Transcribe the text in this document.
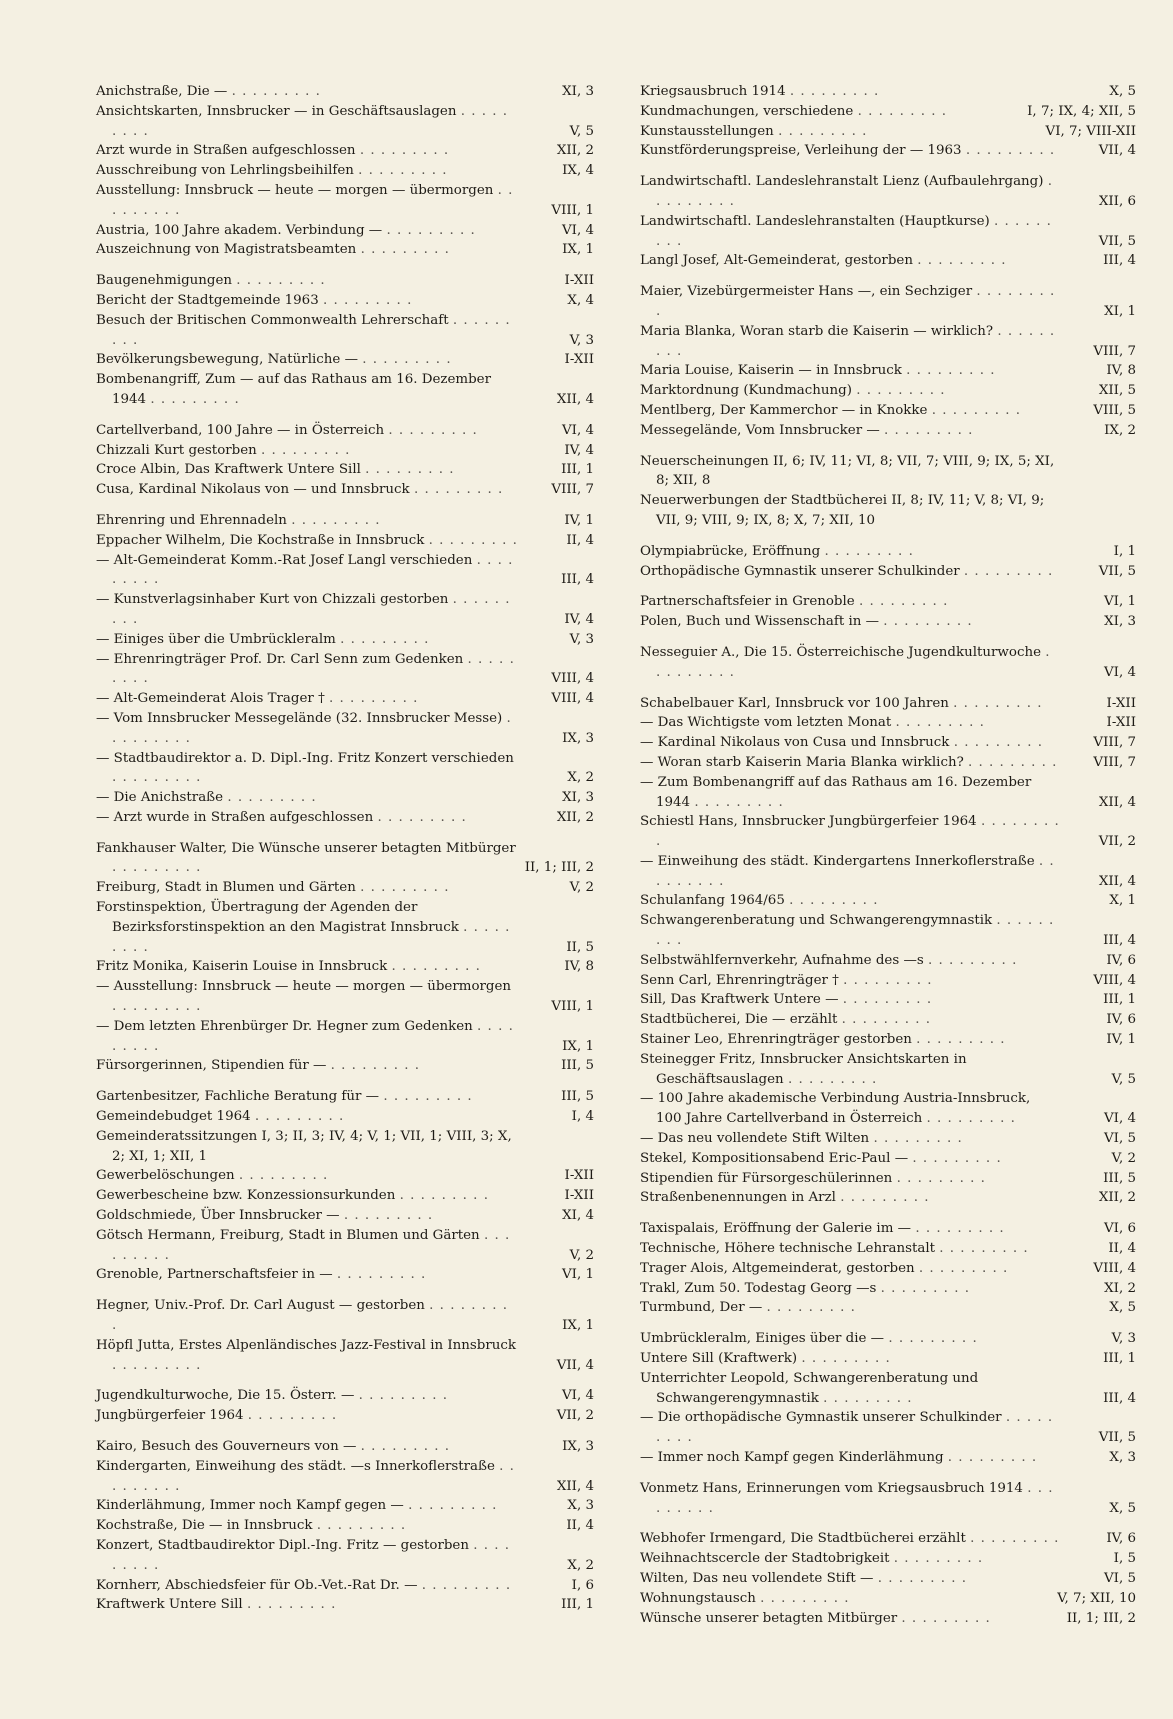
Anichstraße, Die — . . . . . . . . .	XI, 3
Ansichtskarten, Innsbrucker — in Geschäftsauslagen . . . . . . . . .	V, 5
Arzt wurde in Straßen aufgeschlossen . . . . . . . . .	XII, 2
Ausschreibung von Lehrlingsbeihilfen . . . . . . . . .	IX, 4
Ausstellung: Innsbruck — heute — morgen — übermorgen . . . . . . . . .	VIII, 1
Austria, 100 Jahre akadem. Verbindung — . . . . . . . . .	VI, 4
Auszeichnung von Magistratsbeamten . . . . . . . . .	IX, 1
Baugenehmigungen . . . . . . . . .	I-XII
Bericht der Stadtgemeinde 1963 . . . . . . . . .	X, 4
Besuch der Britischen Commonwealth Lehrerschaft . . . . . . . . .	V, 3
Bevölkerungsbewegung, Natürliche — . . . . . . . . .	I-XII
Bombenangriff, Zum — auf das Rathaus am 16. Dezember 1944 . . . . . . . . .	XII, 4
Cartellverband, 100 Jahre — in Österreich . . . . . . . . .	VI, 4
Chizzali Kurt gestorben . . . . . . . . .	IV, 4
Croce Albin, Das Kraftwerk Untere Sill . . . . . . . . .	III, 1
Cusa, Kardinal Nikolaus von — und Innsbruck . . . . . . . . .	VIII, 7
Ehrenring und Ehrennadeln . . . . . . . . .	IV, 1
Eppacher Wilhelm, Die Kochstraße in Innsbruck . . . . . . . . .	II, 4
— Alt-Gemeinderat Komm.-Rat Josef Langl verschieden . . . . . . . . .	III, 4
— Kunstverlagsinhaber Kurt von Chizzali gestorben . . . . . . . . .	IV, 4
— Einiges über die Umbrückleralm . . . . . . . . .	V, 3
— Ehrenringträger Prof. Dr. Carl Senn zum Gedenken . . . . . . . . .	VIII, 4
— Alt-Gemeinderat Alois Trager † . . . . . . . . .	VIII, 4
— Vom Innsbrucker Messegelände (32. Innsbrucker Messe) . . . . . . . . .	IX, 3
— Stadtbaudirektor a. D. Dipl.-Ing. Fritz Konzert verschieden . . . . . . . . .	X, 2
— Die Anichstraße . . . . . . . . .	XI, 3
— Arzt wurde in Straßen aufgeschlossen . . . . . . . . .	XII, 2
Fankhauser Walter, Die Wünsche unserer betagten Mitbürger . . . . . . . . .	II, 1; III, 2
Freiburg, Stadt in Blumen und Gärten . . . . . . . . .	V, 2
Forstinspektion, Übertragung der Agenden der Bezirksforstinspektion an den Magistrat Innsbruck . . . . . . . . .	II, 5
Fritz Monika, Kaiserin Louise in Innsbruck . . . . . . . . .	IV, 8
— Ausstellung: Innsbruck — heute — morgen — übermorgen . . . . . . . . .	VIII, 1
— Dem letzten Ehrenbürger Dr. Hegner zum Gedenken . . . . . . . . .	IX, 1
Fürsorgerinnen, Stipendien für — . . . . . . . . .	III, 5
Gartenbesitzer, Fachliche Beratung für — . . . . . . . . .	III, 5
Gemeindebudget 1964 . . . . . . . . .	I, 4
Gemeinderatssitzungen I, 3; II, 3; IV, 4; V, 1; VII, 1; VIII, 3; X, 2; XI, 1; XII, 1
Gewerbelöschungen . . . . . . . . .	I-XII
Gewerbescheine bzw. Konzessionsurkunden . . . . . . . . .	I-XII
Goldschmiede, Über Innsbrucker — . . . . . . . . .	XI, 4
Götsch Hermann, Freiburg, Stadt in Blumen und Gärten . . . . . . . . .	V, 2
Grenoble, Partnerschaftsfeier in — . . . . . . . . .	VI, 1
Hegner, Univ.-Prof. Dr. Carl August — gestorben . . . . . . . . .	IX, 1
Höpfl Jutta, Erstes Alpenländisches Jazz-Festival in Innsbruck . . . . . . . . .	VII, 4
Jugendkulturwoche, Die 15. Österr. — . . . . . . . . .	VI, 4
Jungbürgerfeier 1964 . . . . . . . . .	VII, 2
Kairo, Besuch des Gouverneurs von — . . . . . . . . .	IX, 3
Kindergarten, Einweihung des städt. —s Innerkoflerstraße . . . . . . . . .	XII, 4
Kinderlähmung, Immer noch Kampf gegen — . . . . . . . . .	X, 3
Kochstraße, Die — in Innsbruck . . . . . . . . .	II, 4
Konzert, Stadtbaudirektor Dipl.-Ing. Fritz — gestorben . . . . . . . . .	X, 2
Kornherr, Abschiedsfeier für Ob.-Vet.-Rat Dr. — . . . . . . . . .	I, 6
Kraftwerk Untere Sill . . . . . . . . .	III, 1
Kriegsausbruch 1914 . . . . . . . . .	X, 5
Kundmachungen, verschiedene . . . . . . . . .	I, 7; IX, 4; XII, 5
Kunstausstellungen . . . . . . . . .	VI, 7; VIII-XII
Kunstförderungspreise, Verleihung der — 1963 . . . . . . . . .	VII, 4
Landwirtschaftl. Landeslehranstalt Lienz (Aufbaulehrgang) . . . . . . . . .	XII, 6
Landwirtschaftl. Landeslehranstalten (Hauptkurse) . . . . . . . . .	VII, 5
Langl Josef, Alt-Gemeinderat, gestorben . . . . . . . . .	III, 4
Maier, Vizebürgermeister Hans —, ein Sechziger . . . . . . . . .	XI, 1
Maria Blanka, Woran starb die Kaiserin — wirklich? . . . . . . . . .	VIII, 7
Maria Louise, Kaiserin — in Innsbruck . . . . . . . . .	IV, 8
Marktordnung (Kundmachung) . . . . . . . . .	XII, 5
Mentlberg, Der Kammerchor — in Knokke . . . . . . . . .	VIII, 5
Messegelände, Vom Innsbrucker — . . . . . . . . .	IX, 2
Neuerscheinungen II, 6; IV, 11; VI, 8; VII, 7; VIII, 9; IX, 5; XI, 8; XII, 8
Neuerwerbungen der Stadtbücherei II, 8; IV, 11; V, 8; VI, 9; VII, 9; VIII, 9; IX, 8; X, 7; XII, 10
Olympiabrücke, Eröffnung . . . . . . . . .	I, 1
Orthopädische Gymnastik unserer Schulkinder . . . . . . . . .	VII, 5
Partnerschaftsfeier in Grenoble . . . . . . . . .	VI, 1
Polen, Buch und Wissenschaft in — . . . . . . . . .	XI, 3
Nesseguier A., Die 15. Österreichische Jugendkulturwoche . . . . . . . . .	VI, 4
Schabelbauer Karl, Innsbruck vor 100 Jahren . . . . . . . . .	I-XII
— Das Wichtigste vom letzten Monat . . . . . . . . .	I-XII
— Kardinal Nikolaus von Cusa und Innsbruck . . . . . . . . .	VIII, 7
— Woran starb Kaiserin Maria Blanka wirklich? . . . . . . . . .	VIII, 7
— Zum Bombenangriff auf das Rathaus am 16. Dezember 1944 . . . . . . . . .	XII, 4
Schiestl Hans, Innsbrucker Jungbürgerfeier 1964 . . . . . . . . .	VII, 2
— Einweihung des städt. Kindergartens Innerkoflerstraße . . . . . . . . .	XII, 4
Schulanfang 1964/65 . . . . . . . . .	X, 1
Schwangerenberatung und Schwangerengymnastik . . . . . . . . .	III, 4
Selbstwählfernverkehr, Aufnahme des —s . . . . . . . . .	IV, 6
Senn Carl, Ehrenringträger † . . . . . . . . .	VIII, 4
Sill, Das Kraftwerk Untere — . . . . . . . . .	III, 1
Stadtbücherei, Die — erzählt . . . . . . . . .	IV, 6
Stainer Leo, Ehrenringträger gestorben . . . . . . . . .	IV, 1
Steinegger Fritz, Innsbrucker Ansichtskarten in Geschäftsauslagen . . . . . . . . .	V, 5
— 100 Jahre akademische Verbindung Austria-Innsbruck, 100 Jahre Cartellverband in Österreich . . . . . . . . .	VI, 4
— Das neu vollendete Stift Wilten . . . . . . . . .	VI, 5
Stekel, Kompositionsabend Eric-Paul — . . . . . . . . .	V, 2
Stipendien für Fürsorgeschülerinnen . . . . . . . . .	III, 5
Straßenbenennungen in Arzl . . . . . . . . .	XII, 2
Taxispalais, Eröffnung der Galerie im — . . . . . . . . .	VI, 6
Technische, Höhere technische Lehranstalt . . . . . . . . .	II, 4
Trager Alois, Altgemeinderat, gestorben . . . . . . . . .	VIII, 4
Trakl, Zum 50. Todestag Georg —s . . . . . . . . .	XI, 2
Turmbund, Der — . . . . . . . . .	X, 5
Umbrückleralm, Einiges über die — . . . . . . . . .	V, 3
Untere Sill (Kraftwerk) . . . . . . . . .	III, 1
Unterrichter Leopold, Schwangerenberatung und Schwangerengymnastik . . . . . . . . .	III, 4
— Die orthopädische Gymnastik unserer Schulkinder . . . . . . . . .	VII, 5
— Immer noch Kampf gegen Kinderlähmung . . . . . . . . .	X, 3
Vonmetz Hans, Erinnerungen vom Kriegsausbruch 1914 . . . . . . . . .	X, 5
Webhofer Irmengard, Die Stadtbücherei erzählt . . . . . . . . .	IV, 6
Weihnachtscercle der Stadtobrigkeit . . . . . . . . .	I, 5
Wilten, Das neu vollendete Stift — . . . . . . . . .	VI, 5
Wohnungstausch . . . . . . . . .	V, 7; XII, 10
Wünsche unserer betagten Mitbürger . . . . . . . . .	II, 1; III, 2
